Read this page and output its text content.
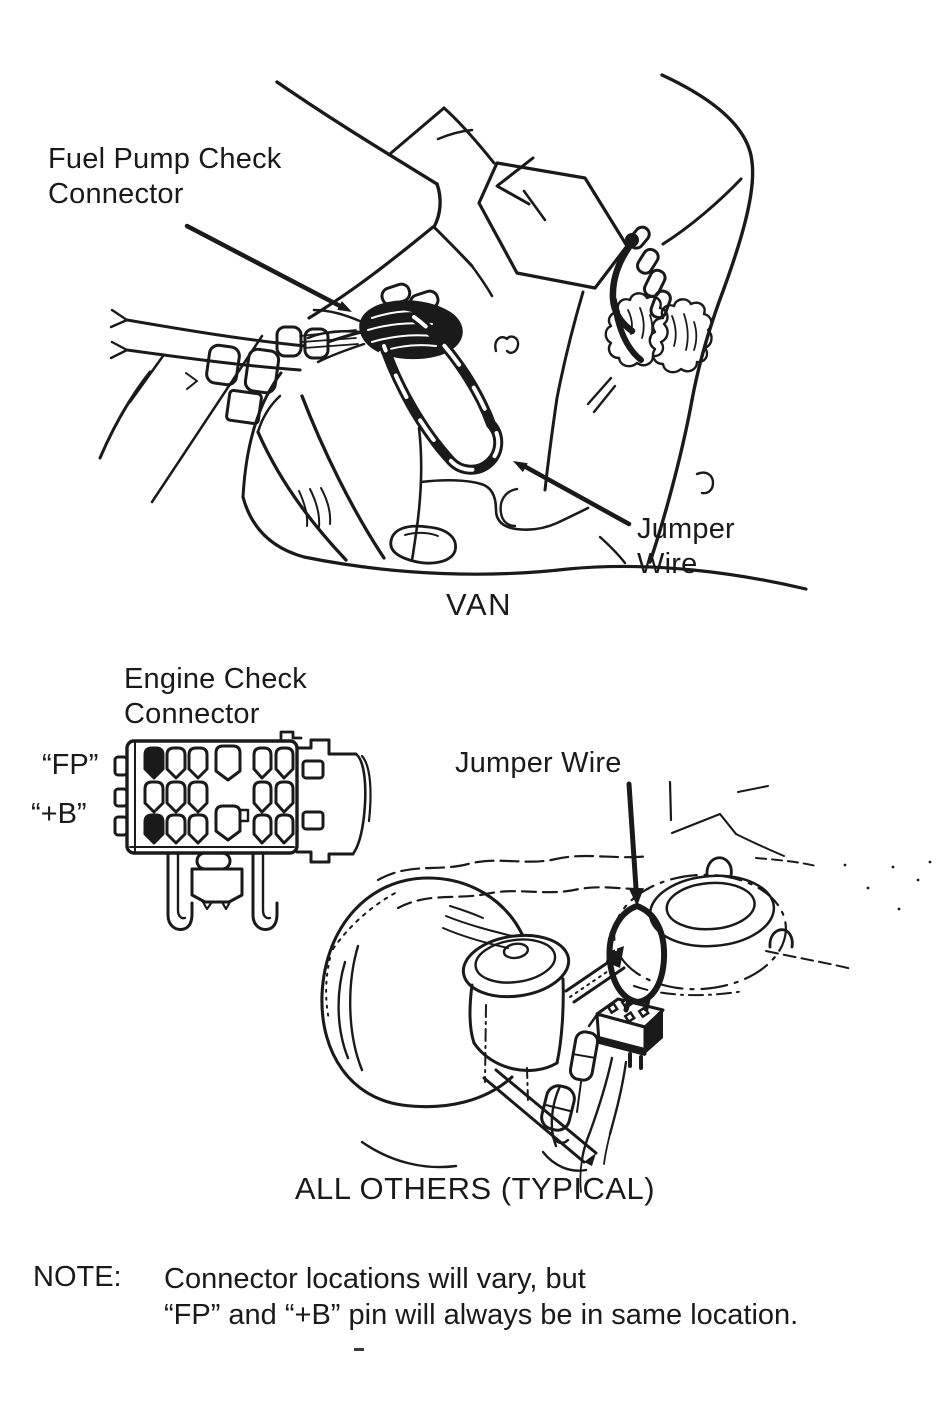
Fuel Pump Check
Connector
Jumper
Wire
VAN
Engine Check
Connector
“FP”
“+B”
Jumper Wire
ALL OTHERS (TYPICAL)
NOTE: Connector locations will vary, but
“FP” and “+B” pin will always be in same location.
